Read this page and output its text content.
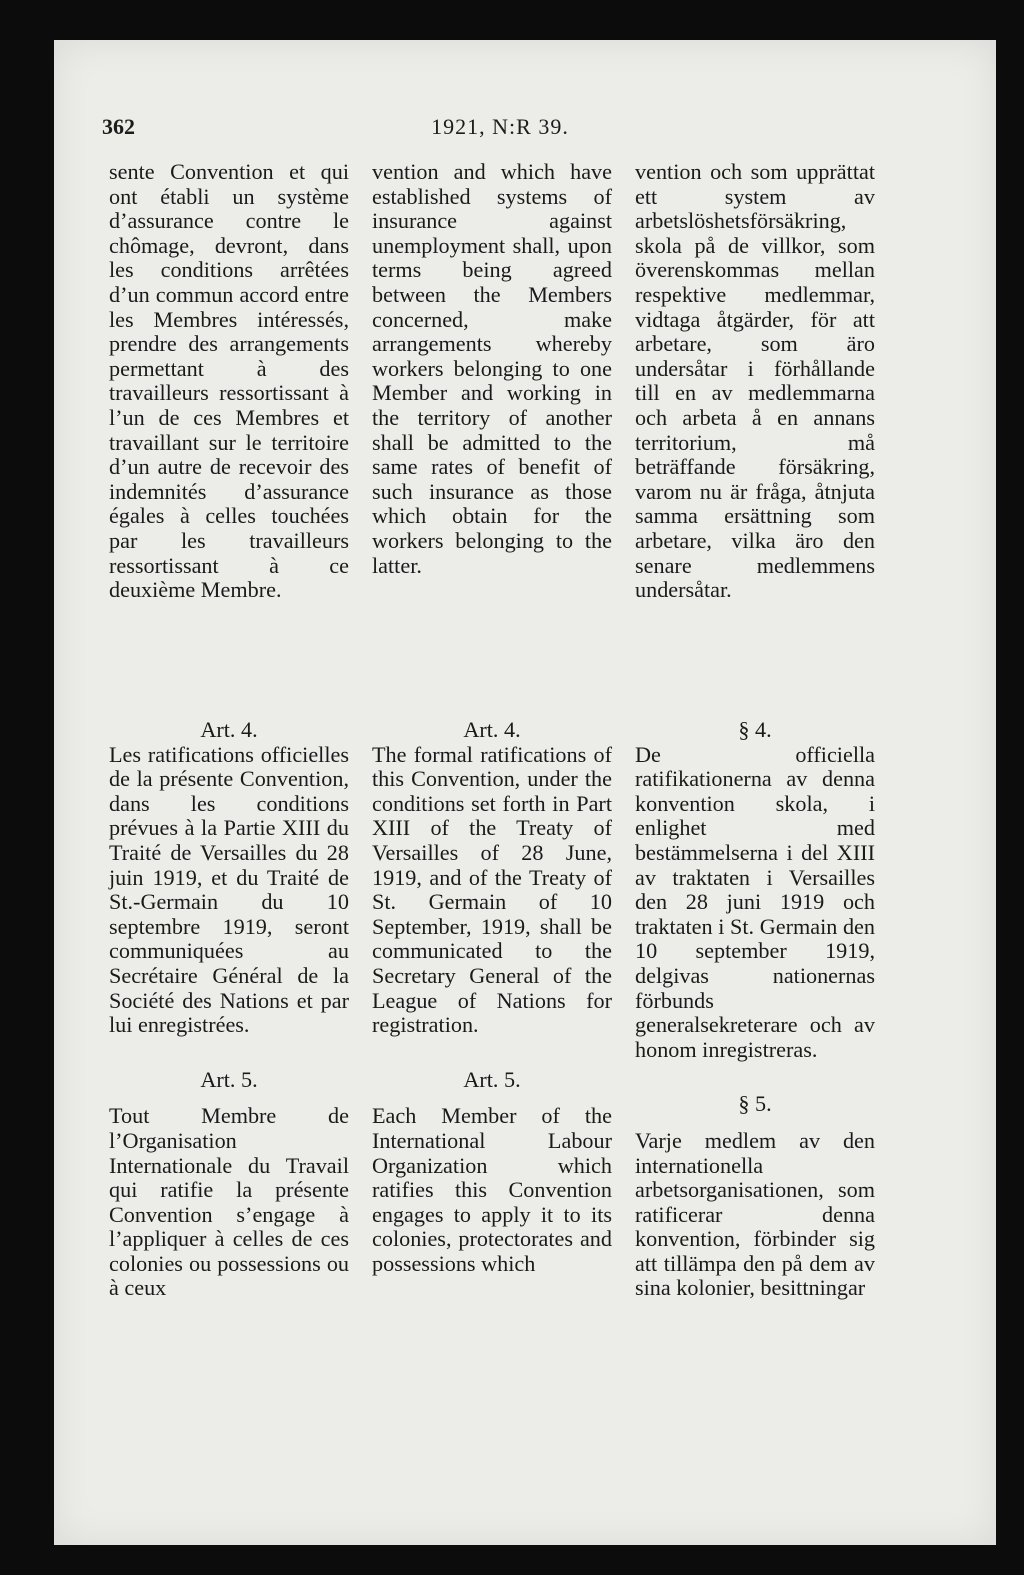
362	1921, N:R 39.

sente Convention et qui ont établi un système d’assurance contre le chômage, devront, dans les conditions arrêtées d’un commun accord entre les Membres intéressés, prendre des arrangements permettant à des travailleurs ressortissant à l’un de ces Membres et travaillant sur le territoire d’un autre de recevoir des indemnités d’assurance égales à celles touchées par les travailleurs ressortissant à ce deuxième Membre.

Art. 4.

Les ratifications officielles de la présente Convention, dans les conditions prévues à la Partie XIII du Traité de Versailles du 28 juin 1919, et du Traité de St.-Germain du 10 septembre 1919, seront communiquées au Secrétaire Général de la Société des Nations et par lui enregistrées.

Art. 5.

Tout Membre de l’Organisation Internationale du Travail qui ratifie la présente Convention s’engage à l’appliquer à celles de ces colonies ou possessions ou à ceux

vention and which have established systems of insurance against unemployment shall, upon terms being agreed between the Members concerned, make arrangements whereby workers belonging to one Member and working in the territory of another shall be admitted to the same rates of benefit of such insurance as those which obtain for the workers belonging to the latter.

Art. 4.

The formal ratifications of this Convention, under the conditions set forth in Part XIII of the Treaty of Versailles of 28 June, 1919, and of the Treaty of St. Germain of 10 September, 1919, shall be communicated to the Secretary General of the League of Nations for registration.

Art. 5.

Each Member of the International Labour Organization which ratifies this Convention engages to apply it to its colonies, protectorates and possessions which

vention och som upprättat ett system av arbetslöshetsförsäkring, skola på de villkor, som överenskommas mellan respektive medlemmar, vidtaga åtgärder, för att arbetare, som äro undersåtar i förhållande till en av medlemmarna och arbeta å en annans territorium, må beträffande försäkring, varom nu är fråga, åtnjuta samma ersättning som arbetare, vilka äro den senare medlemmens undersåtar.

§ 4.

De officiella ratifikationerna av denna konvention skola, i enlighet med bestämmelserna i del XIII av traktaten i Versailles den 28 juni 1919 och traktaten i St. Germain den 10 september 1919, delgivas nationernas förbunds generalsekreterare och av honom inregistreras.

§ 5.

Varje medlem av den internationella arbetsorganisationen, som ratificerar denna konvention, förbinder sig att tillämpa den på dem av sina kolonier, besittningar
